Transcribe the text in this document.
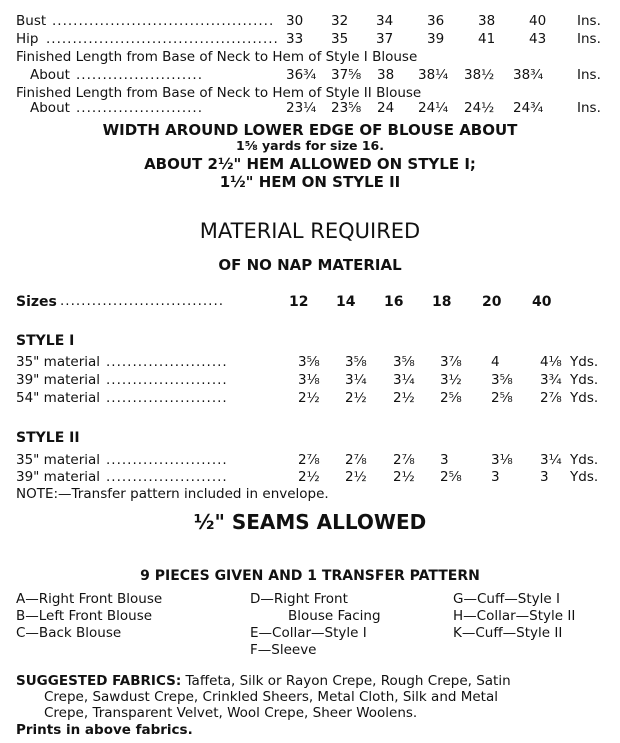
Bust .......................................... 30 32 34	36	38	40 Ins.
Hip ............................................ 33 35 37	39	41	43 Ins.
Finished Length from Base of Neck to Hem of Style I Blouse
About ........................	36¾ 37⅝ 38 38¼ 38½ 38¾ Ins.
Finished Length from Base of Neck to Hem of Style II Blouse
About ........................	23¼ 23⅝ 24 24¼ 24½ 24¾ Ins.
WIDTH AROUND LOWER EDGE OF BLOUSE ABOUT
1⅝ yards for size 16.
ABOUT 2½" HEM ALLOWED ON STYLE I;
1½" HEM ON STYLE II
MATERIAL REQUIRED
OF NO NAP MATERIAL
Sizes ...............................	12 14 16 18 20 40
STYLE I
35" material .......................	3⅝ 3⅝ 3⅝ 3⅞ 4	4⅛ Yds.
39" material .......................	3⅛ 3¼ 3¼ 3½ 3⅝ 3¾ Yds.
54" material .......................	2½ 2½ 2½ 2⅝ 2⅝ 2⅞ Yds.
STYLE II
35" material .......................	2⅞ 2⅞ 2⅞ 3	3⅛ 3¼ Yds.
39" material .......................	2½ 2½ 2½ 2⅝ 3	3 Yds.
NOTE:—Transfer pattern included in envelope.
½" SEAMS ALLOWED
9 PIECES GIVEN AND 1 TRANSFER PATTERN
A—Right Front Blouse
B—Left Front Blouse
C—Back Blouse
D—Right Front
Blouse Facing
E—Collar—Style I
F—Sleeve
G—Cuff—Style I
H—Collar—Style II
K—Cuff—Style II
SUGGESTED FABRICS: Taffeta, Silk or Rayon Crepe, Rough Crepe, Satin
Crepe, Sawdust Crepe, Crinkled Sheers, Metal Cloth, Silk and Metal
Crepe, Transparent Velvet, Wool Crepe, Sheer Woolens.
Prints in above fabrics.
